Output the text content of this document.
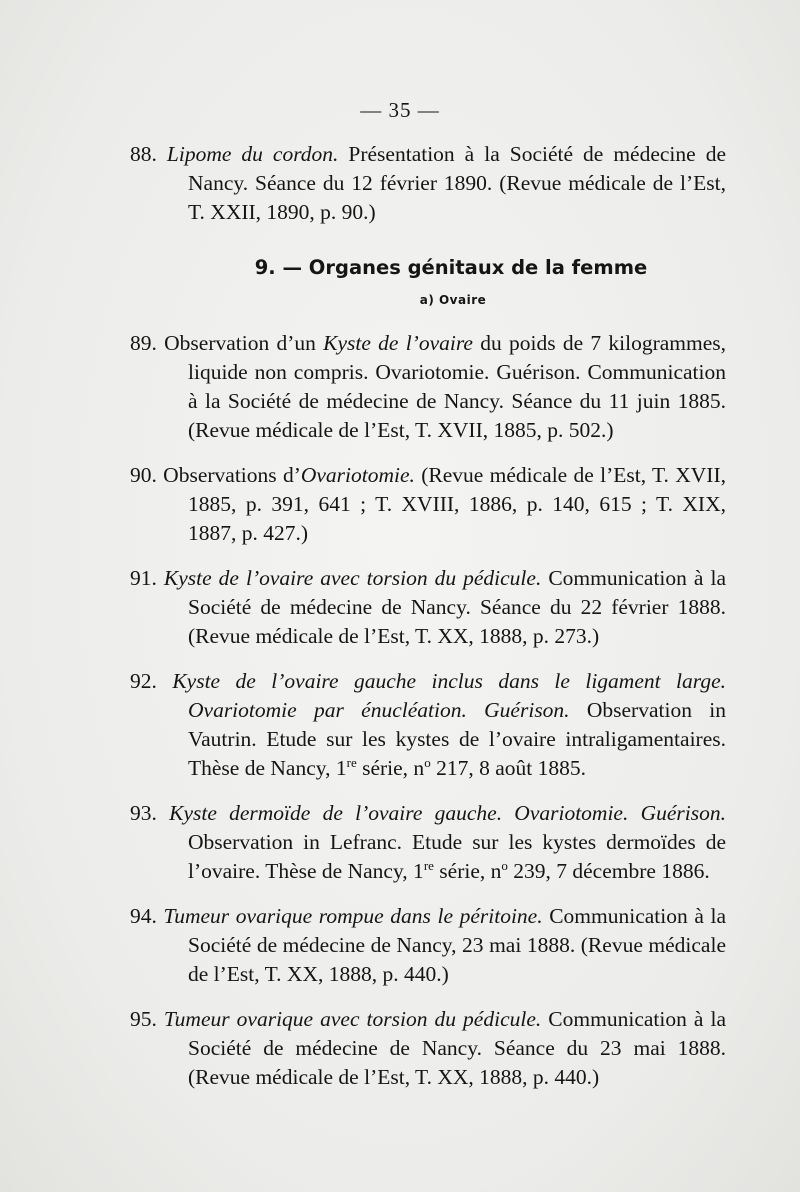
— 35 —

88. Lipome du cordon. Présentation à la Société de médecine de Nancy. Séance du 12 février 1890. (Revue médicale de l’Est, T. XXII, 1890, p. 90.)

9. — Organes génitaux de la femme
a) Ovaire

89. Observation d’un Kyste de l’ovaire du poids de 7 kilogrammes, liquide non compris. Ovariotomie. Guérison. Communication à la Société de médecine de Nancy. Séance du 11 juin 1885. (Revue médicale de l’Est, T. XVII, 1885, p. 502.)

90. Observations d’Ovariotomie. (Revue médicale de l’Est, T. XVII, 1885, p. 391, 641 ; T. XVIII, 1886, p. 140, 615 ; T. XIX, 1887, p. 427.)

91. Kyste de l’ovaire avec torsion du pédicule. Communication à la Société de médecine de Nancy. Séance du 22 février 1888. (Revue médicale de l’Est, T. XX, 1888, p. 273.)

92. Kyste de l’ovaire gauche inclus dans le ligament large. Ovariotomie par énucléation. Guérison. Observation in Vautrin. Etude sur les kystes de l’ovaire intraligamentaires. Thèse de Nancy, 1re série, $n^o$ 217, 8 août 1885.

93. Kyste dermoïde de l’ovaire gauche. Ovariotomie. Guérison. Observation in Lefranc. Etude sur les kystes dermoïdes de l’ovaire. Thèse de Nancy, 1re série, $n^o$ 239, 7 décembre 1886.

94. Tumeur ovarique rompue dans le péritoine. Communication à la Société de médecine de Nancy, 23 mai 1888. (Revue médicale de l’Est, T. XX, 1888, p. 440.)

95. Tumeur ovarique avec torsion du pédicule. Communication à la Société de médecine de Nancy. Séance du 23 mai 1888. (Revue médicale de l’Est, T. XX, 1888, p. 440.)
